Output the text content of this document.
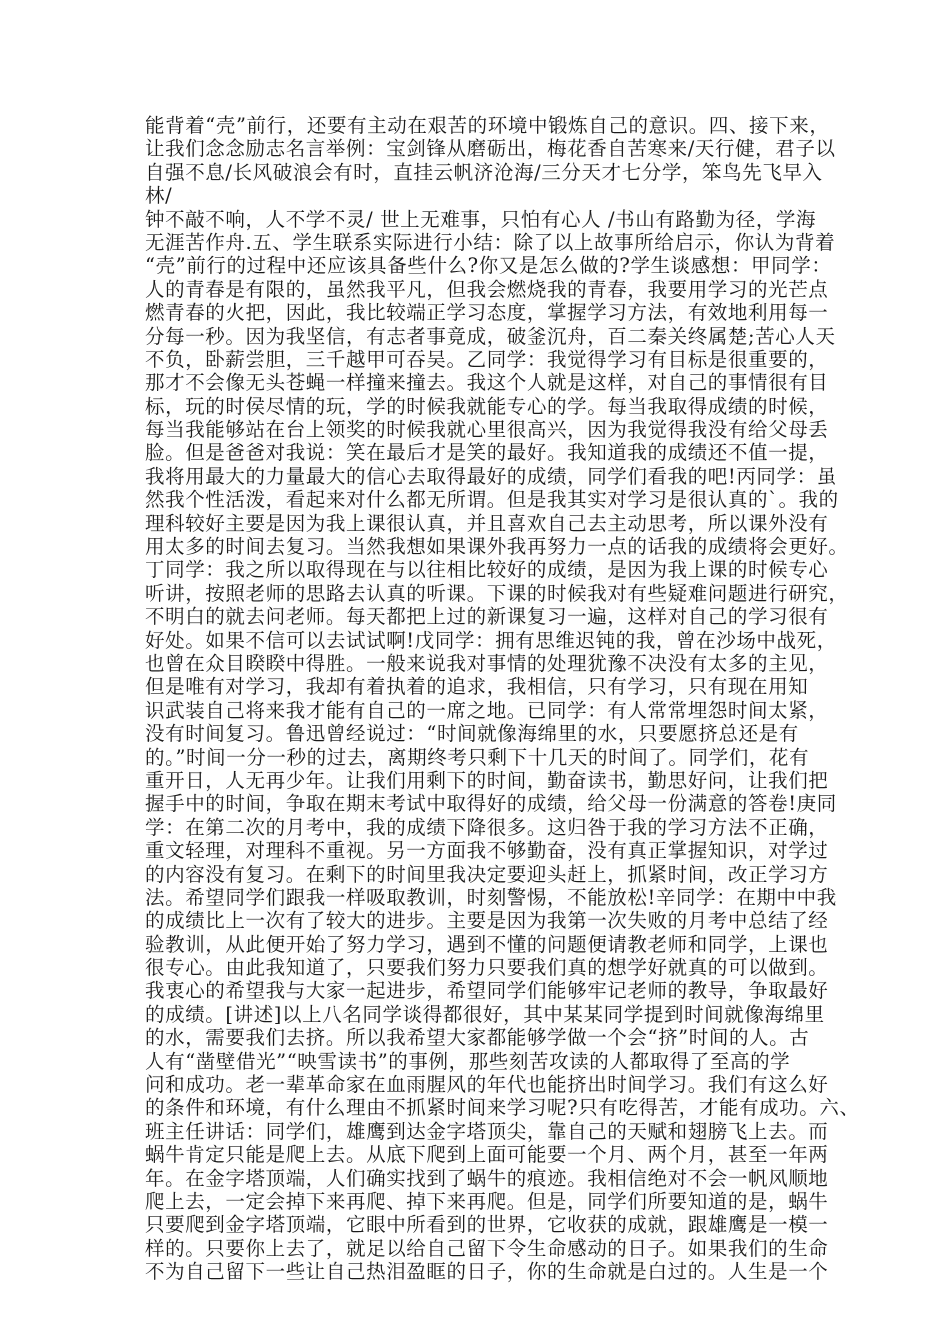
能背着“壳”前行，还要有主动在艰苦的环境中锻炼自己的意识。四、接下来，
让我们念念励志名言举例：宝剑锋从磨砺出，梅花香自苦寒来/天行健，君子以
自强不息/长风破浪会有时，直挂云帆济沧海/三分天才七分学，笨鸟先飞早入
林/
钟不敲不响，人不学不灵/ 世上无难事，只怕有心人 /书山有路勤为径，学海
无涯苦作舟.五、学生联系实际进行小结：除了以上故事所给启示，你认为背着
“壳”前行的过程中还应该具备些什么?你又是怎么做的?学生谈感想：甲同学：
人的青春是有限的，虽然我平凡，但我会燃烧我的青春，我要用学习的光芒点
燃青春的火把，因此，我比较端正学习态度，掌握学习方法，有效地利用每一
分每一秒。因为我坚信，有志者事竟成，破釜沉舟，百二秦关终属楚;苦心人天
不负，卧薪尝胆，三千越甲可吞吴。乙同学：我觉得学习有目标是很重要的，
那才不会像无头苍蝇一样撞来撞去。我这个人就是这样，对自己的事情很有目
标，玩的时侯尽情的玩，学的时候我就能专心的学。每当我取得成绩的时候，
每当我能够站在台上领奖的时候我就心里很高兴，因为我觉得我没有给父母丢
脸。但是爸爸对我说：笑在最后才是笑的最好。我知道我的成绩还不值一提，
我将用最大的力量最大的信心去取得最好的成绩，同学们看我的吧!丙同学：虽
然我个性活泼，看起来对什么都无所谓。但是我其实对学习是很认真的`。我的
理科较好主要是因为我上课很认真，并且喜欢自己去主动思考，所以课外没有
用太多的时间去复习。当然我想如果课外我再努力一点的话我的成绩将会更好。
丁同学：我之所以取得现在与以往相比较好的成绩，是因为我上课的时候专心
听讲，按照老师的思路去认真的听课。下课的时候我对有些疑难问题进行研究，
不明白的就去问老师。每天都把上过的新课复习一遍，这样对自己的学习很有
好处。如果不信可以去试试啊!戊同学：拥有思维迟钝的我，曾在沙场中战死，
也曾在众目睽睽中得胜。一般来说我对事情的处理犹豫不决没有太多的主见，
但是唯有对学习，我却有着执着的追求，我相信，只有学习，只有现在用知
识武装自己将来我才能有自己的一席之地。已同学：有人常常埋怨时间太紧，
没有时间复习。鲁迅曾经说过：“时间就像海绵里的水，只要愿挤总还是有
的。”时间一分一秒的过去，离期终考只剩下十几天的时间了。同学们，花有
重开日，人无再少年。让我们用剩下的时间，勤奋读书，勤思好问，让我们把
握手中的时间，争取在期末考试中取得好的成绩，给父母一份满意的答卷!庚同
学：在第二次的月考中，我的成绩下降很多。这归咎于我的学习方法不正确，
重文轻理，对理科不重视。另一方面我不够勤奋，没有真正掌握知识，对学过
的内容没有复习。在剩下的时间里我决定要迎头赶上，抓紧时间，改正学习方
法。希望同学们跟我一样吸取教训，时刻警惕，不能放松!辛同学：在期中中我
的成绩比上一次有了较大的进步。主要是因为我第一次失败的月考中总结了经
验教训，从此便开始了努力学习，遇到不懂的问题便请教老师和同学，上课也
很专心。由此我知道了，只要我们努力只要我们真的想学好就真的可以做到。
我衷心的希望我与大家一起进步，希望同学们能够牢记老师的教导，争取最好
的成绩。[讲述]以上八名同学谈得都很好，其中某某同学提到时间就像海绵里
的水，需要我们去挤。所以我希望大家都能够学做一个会“挤”时间的人。古
人有“凿壁借光”“映雪读书”的事例，那些刻苦攻读的人都取得了至高的学
问和成功。老一辈革命家在血雨腥风的年代也能挤出时间学习。我们有这么好
的条件和环境，有什么理由不抓紧时间来学习呢?只有吃得苦，才能有成功。六、
班主任讲话：同学们，雄鹰到达金字塔顶尖，靠自己的天赋和翅膀飞上去。而
蜗牛肯定只能是爬上去。从底下爬到上面可能要一个月、两个月，甚至一年两
年。在金字塔顶端，人们确实找到了蜗牛的痕迹。我相信绝对不会一帆风顺地
爬上去，一定会掉下来再爬、掉下来再爬。但是，同学们所要知道的是，蜗牛
只要爬到金字塔顶端，它眼中所看到的世界，它收获的成就，跟雄鹰是一模一
样的。只要你上去了，就足以给自己留下令生命感动的日子。如果我们的生命
不为自己留下一些让自己热泪盈眶的日子，你的生命就是白过的。人生是一个
